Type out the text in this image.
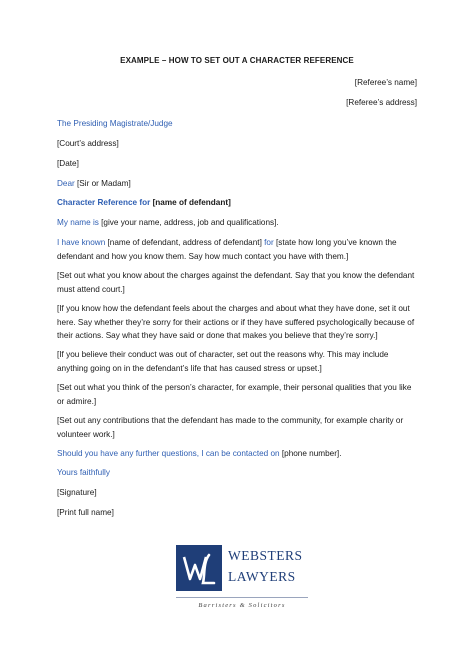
EXAMPLE – HOW TO SET OUT A CHARACTER REFERENCE
[Referee’s name]
[Referee’s address]
The Presiding Magistrate/Judge
[Court’s address]
[Date]
Dear [Sir or Madam]
Character Reference for [name of defendant]
My name is [give your name, address, job and qualifications].
I have known [name of defendant, address of defendant] for [state how long you’ve known the defendant and how you know them. Say how much contact you have with them.]
[Set out what you know about the charges against the defendant. Say that you know the defendant must attend court.]
[If you know how the defendant feels about the charges and about what they have done, set it out here. Say whether they’re sorry for their actions or if they have suffered psychologically because of their actions. Say what they have said or done that makes you believe that they’re sorry.]
[If you believe their conduct was out of character, set out the reasons why. This may include anything going on in the defendant’s life that has caused stress or upset.]
[Set out what you think of the person’s character, for example, their personal qualities that you like or admire.]
[Set out any contributions that the defendant has made to the community, for example charity or volunteer work.]
Should you have any further questions, I can be contacted on [phone number].
Yours faithfully
[Signature]
[Print full name]
WEBSTERS
LAWYERS
Barristers & Solicitors
